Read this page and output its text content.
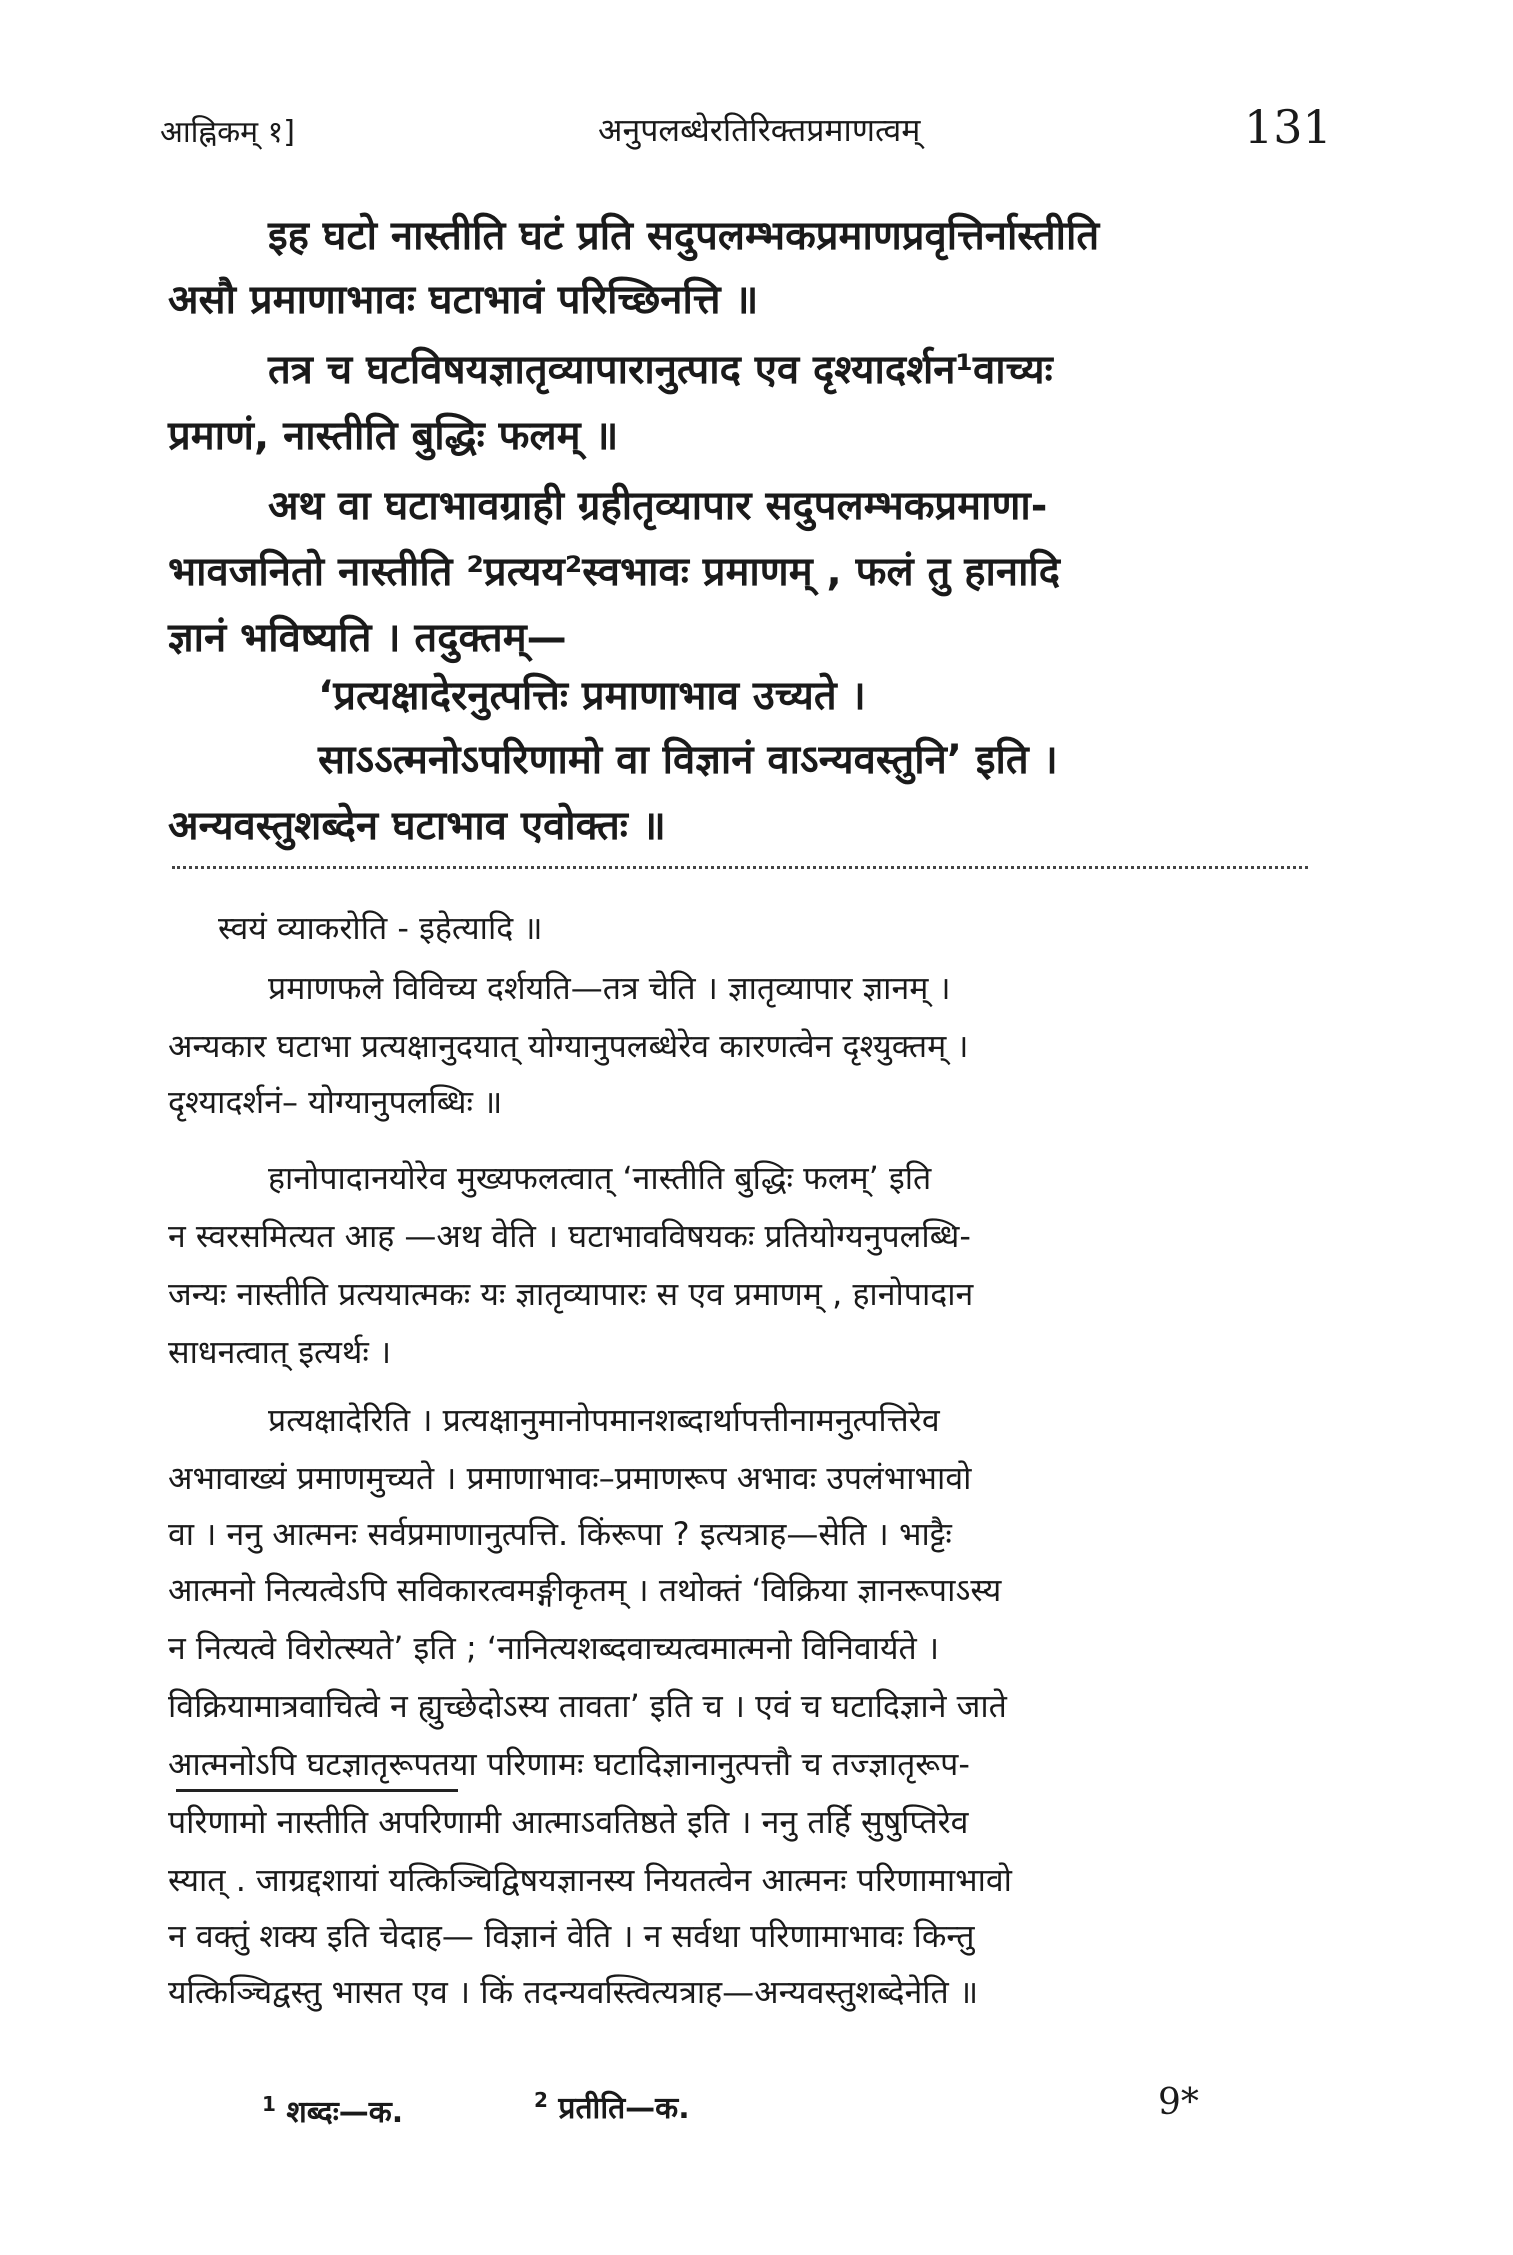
आह्निकम् १]	अनुपलब्धेरतिरिक्तप्रमाणत्वम्	131
इह घटो नास्तीति घटं प्रति सदुपलम्भकप्रमाणप्रवृत्तिर्नास्तीति
असौ प्रमाणाभावः घटाभावं परिच्छिनत्ति ॥
तत्र च घटविषयज्ञातृव्यापारानुत्पाद एव दृश्यादर्शन¹वाच्यः
प्रमाणं, नास्तीति बुद्धिः फलम् ॥
अथ वा घटाभावग्राही ग्रहीतृव्यापार सदुपलम्भकप्रमाणा-
भावजनितो नास्तीति ²प्रत्यय²स्वभावः प्रमाणम् , फलं तु हानादि
ज्ञानं भविष्यति । तदुक्तम्—
‘प्रत्यक्षादेरनुत्पत्तिः प्रमाणाभाव उच्यते ।
साऽऽत्मनोऽपरिणामो वा विज्ञानं वाऽन्यवस्तुनि’ इति ।
अन्यवस्तुशब्देन घटाभाव एवोक्तः ॥
स्वयं व्याकरोति - इहेत्यादि ॥
प्रमाणफले विविच्य दर्शयति—तत्र चेति । ज्ञातृव्यापार ज्ञानम् ।
अन्यकार घटाभा प्रत्यक्षानुदयात् योग्यानुपलब्धेरेव कारणत्वेन दृश्युक्तम् ।
दृश्यादर्शनं– योग्यानुपलब्धिः ॥
हानोपादानयोरेव मुख्यफलत्वात् ‘नास्तीति बुद्धिः फलम्’ इति
न स्वरसमित्यत आह —अथ वेति । घटाभावविषयकः प्रतियोग्यनुपलब्धि-
जन्यः नास्तीति प्रत्ययात्मकः यः ज्ञातृव्यापारः स एव प्रमाणम् , हानोपादान
साधनत्वात् इत्यर्थः ।
प्रत्यक्षादेरिति । प्रत्यक्षानुमानोपमानशब्दार्थापत्तीनामनुत्पत्तिरेव
अभावाख्यं प्रमाणमुच्यते । प्रमाणाभावः–प्रमाणरूप अभावः उपलंभाभावो
वा । ननु आत्मनः सर्वप्रमाणानुत्पत्ति. किंरूपा ? इत्यत्राह—सेति । भाट्टैः
आत्मनो नित्यत्वेऽपि सविकारत्वमङ्गीकृतम् । तथोक्तं ‘विक्रिया ज्ञानरूपाऽस्य
न नित्यत्वे विरोत्स्यते’ इति ; ‘नानित्यशब्दवाच्यत्वमात्मनो विनिवार्यते ।
विक्रियामात्रवाचित्वे न ह्युच्छेदोऽस्य तावता’ इति च । एवं च घटादिज्ञाने जाते
आत्मनोऽपि घटज्ञातृरूपतया परिणामः घटादिज्ञानानुत्पत्तौ च तज्ज्ञातृरूप-
परिणामो नास्तीति अपरिणामी आत्माऽवतिष्ठते इति । ननु तर्हि सुषुप्तिरेव
स्यात् . जाग्रद्दशायां यत्किञ्चिद्विषयज्ञानस्य नियतत्वेन आत्मनः परिणामाभावो
न वक्तुं शक्य इति चेदाह— विज्ञानं वेति । न सर्वथा परिणामाभावः किन्तु
यत्किञ्चिद्वस्तु भासत एव । किं तदन्यवस्त्वित्यत्राह—अन्यवस्तुशब्देनेति ॥
$^1$ शब्दः—क.	$^2$ प्रतीति—क.	9*
